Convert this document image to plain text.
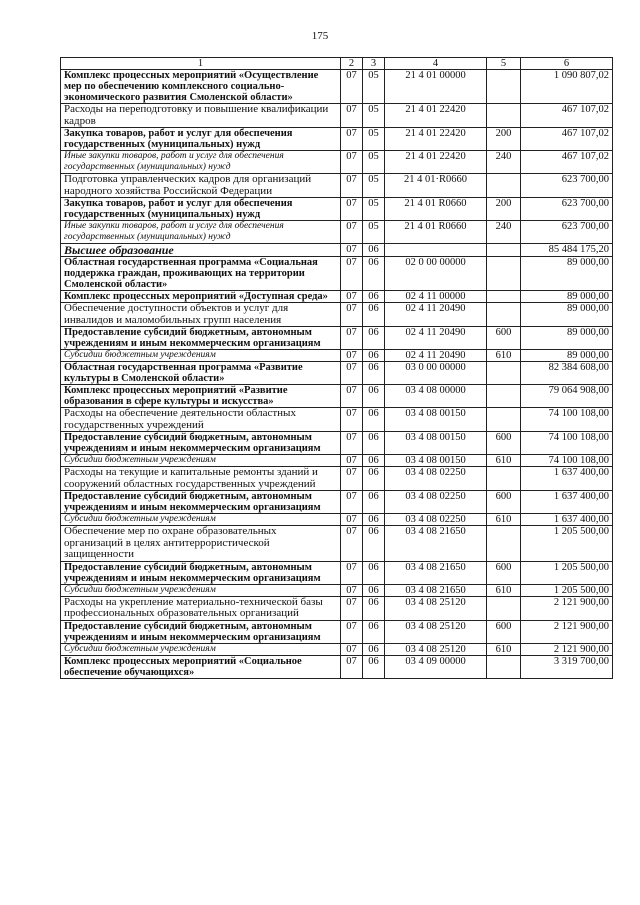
175
1	2	3	4	5	6
Комплекс процессных мероприятий «Осуществление мер по обеспечению комплексного социально-экономического развития Смоленской области»	07	05	21 4 01 00000		1 090 807,02
Расходы на переподготовку и повышение квалификации кадров	07	05	21 4 01 22420		467 107,02
Закупка товаров, работ и услуг для обеспечения государственных (муниципальных) нужд	07	05	21 4 01 22420	200	467 107,02
Иные закупки товаров, работ и услуг для обеспечения государственных (муниципальных) нужд	07	05	21 4 01 22420	240	467 107,02
Подготовка управленческих кадров для организаций народного хозяйства Российской Федерации	07	05	21 4 01·R0660		623 700,00
Закупка товаров, работ и услуг для обеспечения государственных (муниципальных) нужд	07	05	21 4 01 R0660	200	623 700,00
Иные закупки товаров, работ и услуг для обеспечения государственных (муниципальных) нужд	07	05	21 4 01 R0660	240	623 700,00
Высшее образование	07	06			85 484 175,20
Областная государственная программа «Социальная поддержка граждан, проживающих на территории Смоленской области»	07	06	02 0 00 00000		89 000,00
Комплекс процессных мероприятий «Доступная среда»	07	06	02 4 11 00000		89 000,00
Обеспечение доступности объектов и услуг для инвалидов и маломобильных групп населения	07	06	02 4 11 20490		89 000,00
Предоставление субсидий бюджетным, автономным учреждениям и иным некоммерческим организациям	07	06	02 4 11 20490	600	89 000,00
Субсидии бюджетным учреждениям	07	06	02 4 11 20490	610	89 000,00
Областная государственная программа «Развитие культуры в Смоленской области»	07	06	03 0 00 00000		82 384 608,00
Комплекс процессных мероприятий «Развитие образования в сфере культуры и искусства»	07	06	03 4 08 00000		79 064 908,00
Расходы на обеспечение деятельности областных государственных учреждений	07	06	03 4 08 00150		74 100 108,00
Предоставление субсидий бюджетным, автономным учреждениям и иным некоммерческим организациям	07	06	03 4 08 00150	600	74 100 108,00
Субсидии бюджетным учреждениям	07	06	03 4 08 00150	610	74 100 108,00
Расходы на текущие и капитальные ремонты зданий и сооружений областных государственных учреждений	07	06	03 4 08 02250		1 637 400,00
Предоставление субсидий бюджетным, автономным учреждениям и иным некоммерческим организациям	07	06	03 4 08 02250	600	1 637 400,00
Субсидии бюджетным учреждениям	07	06	03 4 08 02250	610	1 637 400,00
Обеспечение мер по охране образовательных организаций в целях антитеррористической защищенности	07	06	03 4 08 21650		1 205 500,00
Предоставление субсидий бюджетным, автономным учреждениям и иным некоммерческим организациям	07	06	03 4 08 21650	600	1 205 500,00
Субсидии бюджетным учреждениям	07	06	03 4 08 21650	610	1 205 500,00
Расходы на укрепление материально-технической базы профессиональных образовательных организаций	07	06	03 4 08 25120		2 121 900,00
Предоставление субсидий бюджетным, автономным учреждениям и иным некоммерческим организациям	07	06	03 4 08 25120	600	2 121 900,00
Субсидии бюджетным учреждениям	07	06	03 4 08 25120	610	2 121 900,00
Комплекс процессных мероприятий «Социальное обеспечение обучающихся»	07	06	03 4 09 00000		3 319 700,00
